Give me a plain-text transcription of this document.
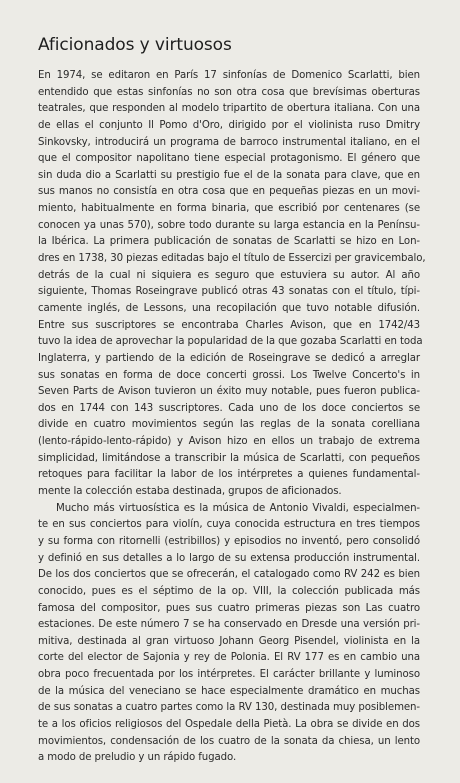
Aficionados y virtuosos
En 1974, se editaron en París 17 sinfonías de Domenico Scarlatti, bien
entendido que estas sinfonías no son otra cosa que brevísimas oberturas
teatrales, que responden al modelo tripartito de obertura italiana. Con una
de ellas el conjunto Il Pomo d'Oro, dirigido por el violinista ruso Dmitry
Sinkovsky, introducirá un programa de barroco instrumental italiano, en el
que el compositor napolitano tiene especial protagonismo. El género que
sin duda dio a Scarlatti su prestigio fue el de la sonata para clave, que en
sus manos no consistía en otra cosa que en pequeñas piezas en un movi-
miento, habitualmente en forma binaria, que escribió por centenares (se
conocen ya unas 570), sobre todo durante su larga estancia en la Penínsu-
la Ibérica. La primera publicación de sonatas de Scarlatti se hizo en Lon-
dres en 1738, 30 piezas editadas bajo el título de Essercizi per gravicembalo,
detrás de la cual ni siquiera es seguro que estuviera su autor. Al año
siguiente, Thomas Roseingrave publicó otras 43 sonatas con el título, típi-
camente inglés, de Lessons, una recopilación que tuvo notable difusión.
Entre sus suscriptores se encontraba Charles Avison, que en 1742/43
tuvo la idea de aprovechar la popularidad de la que gozaba Scarlatti en toda
Inglaterra, y partiendo de la edición de Roseingrave se dedicó a arreglar
sus sonatas en forma de doce concerti grossi. Los Twelve Concerto's in
Seven Parts de Avison tuvieron un éxito muy notable, pues fueron publica-
dos en 1744 con 143 suscriptores. Cada uno de los doce conciertos se
divide en cuatro movimientos según las reglas de la sonata corelliana
(lento-rápido-lento-rápido) y Avison hizo en ellos un trabajo de extrema
simplicidad, limitándose a transcribir la música de Scarlatti, con pequeños
retoques para facilitar la labor de los intérpretes a quienes fundamental-
mente la colección estaba destinada, grupos de aficionados.
Mucho más virtuosística es la música de Antonio Vivaldi, especialmen-
te en sus conciertos para violín, cuya conocida estructura en tres tiempos
y su forma con ritornelli (estribillos) y episodios no inventó, pero consolidó
y definió en sus detalles a lo largo de su extensa producción instrumental.
De los dos conciertos que se ofrecerán, el catalogado como RV 242 es bien
conocido, pues es el séptimo de la op. VIII, la colección publicada más
famosa del compositor, pues sus cuatro primeras piezas son Las cuatro
estaciones. De este número 7 se ha conservado en Dresde una versión pri-
mitiva, destinada al gran virtuoso Johann Georg Pisendel, violinista en la
corte del elector de Sajonia y rey de Polonia. El RV 177 es en cambio una
obra poco frecuentada por los intérpretes. El carácter brillante y luminoso
de la música del veneciano se hace especialmente dramático en muchas
de sus sonatas a cuatro partes como la RV 130, destinada muy posiblemen-
te a los oficios religiosos del Ospedale della Pietà. La obra se divide en dos
movimientos, condensación de los cuatro de la sonata da chiesa, un lento
a modo de preludio y un rápido fugado.
